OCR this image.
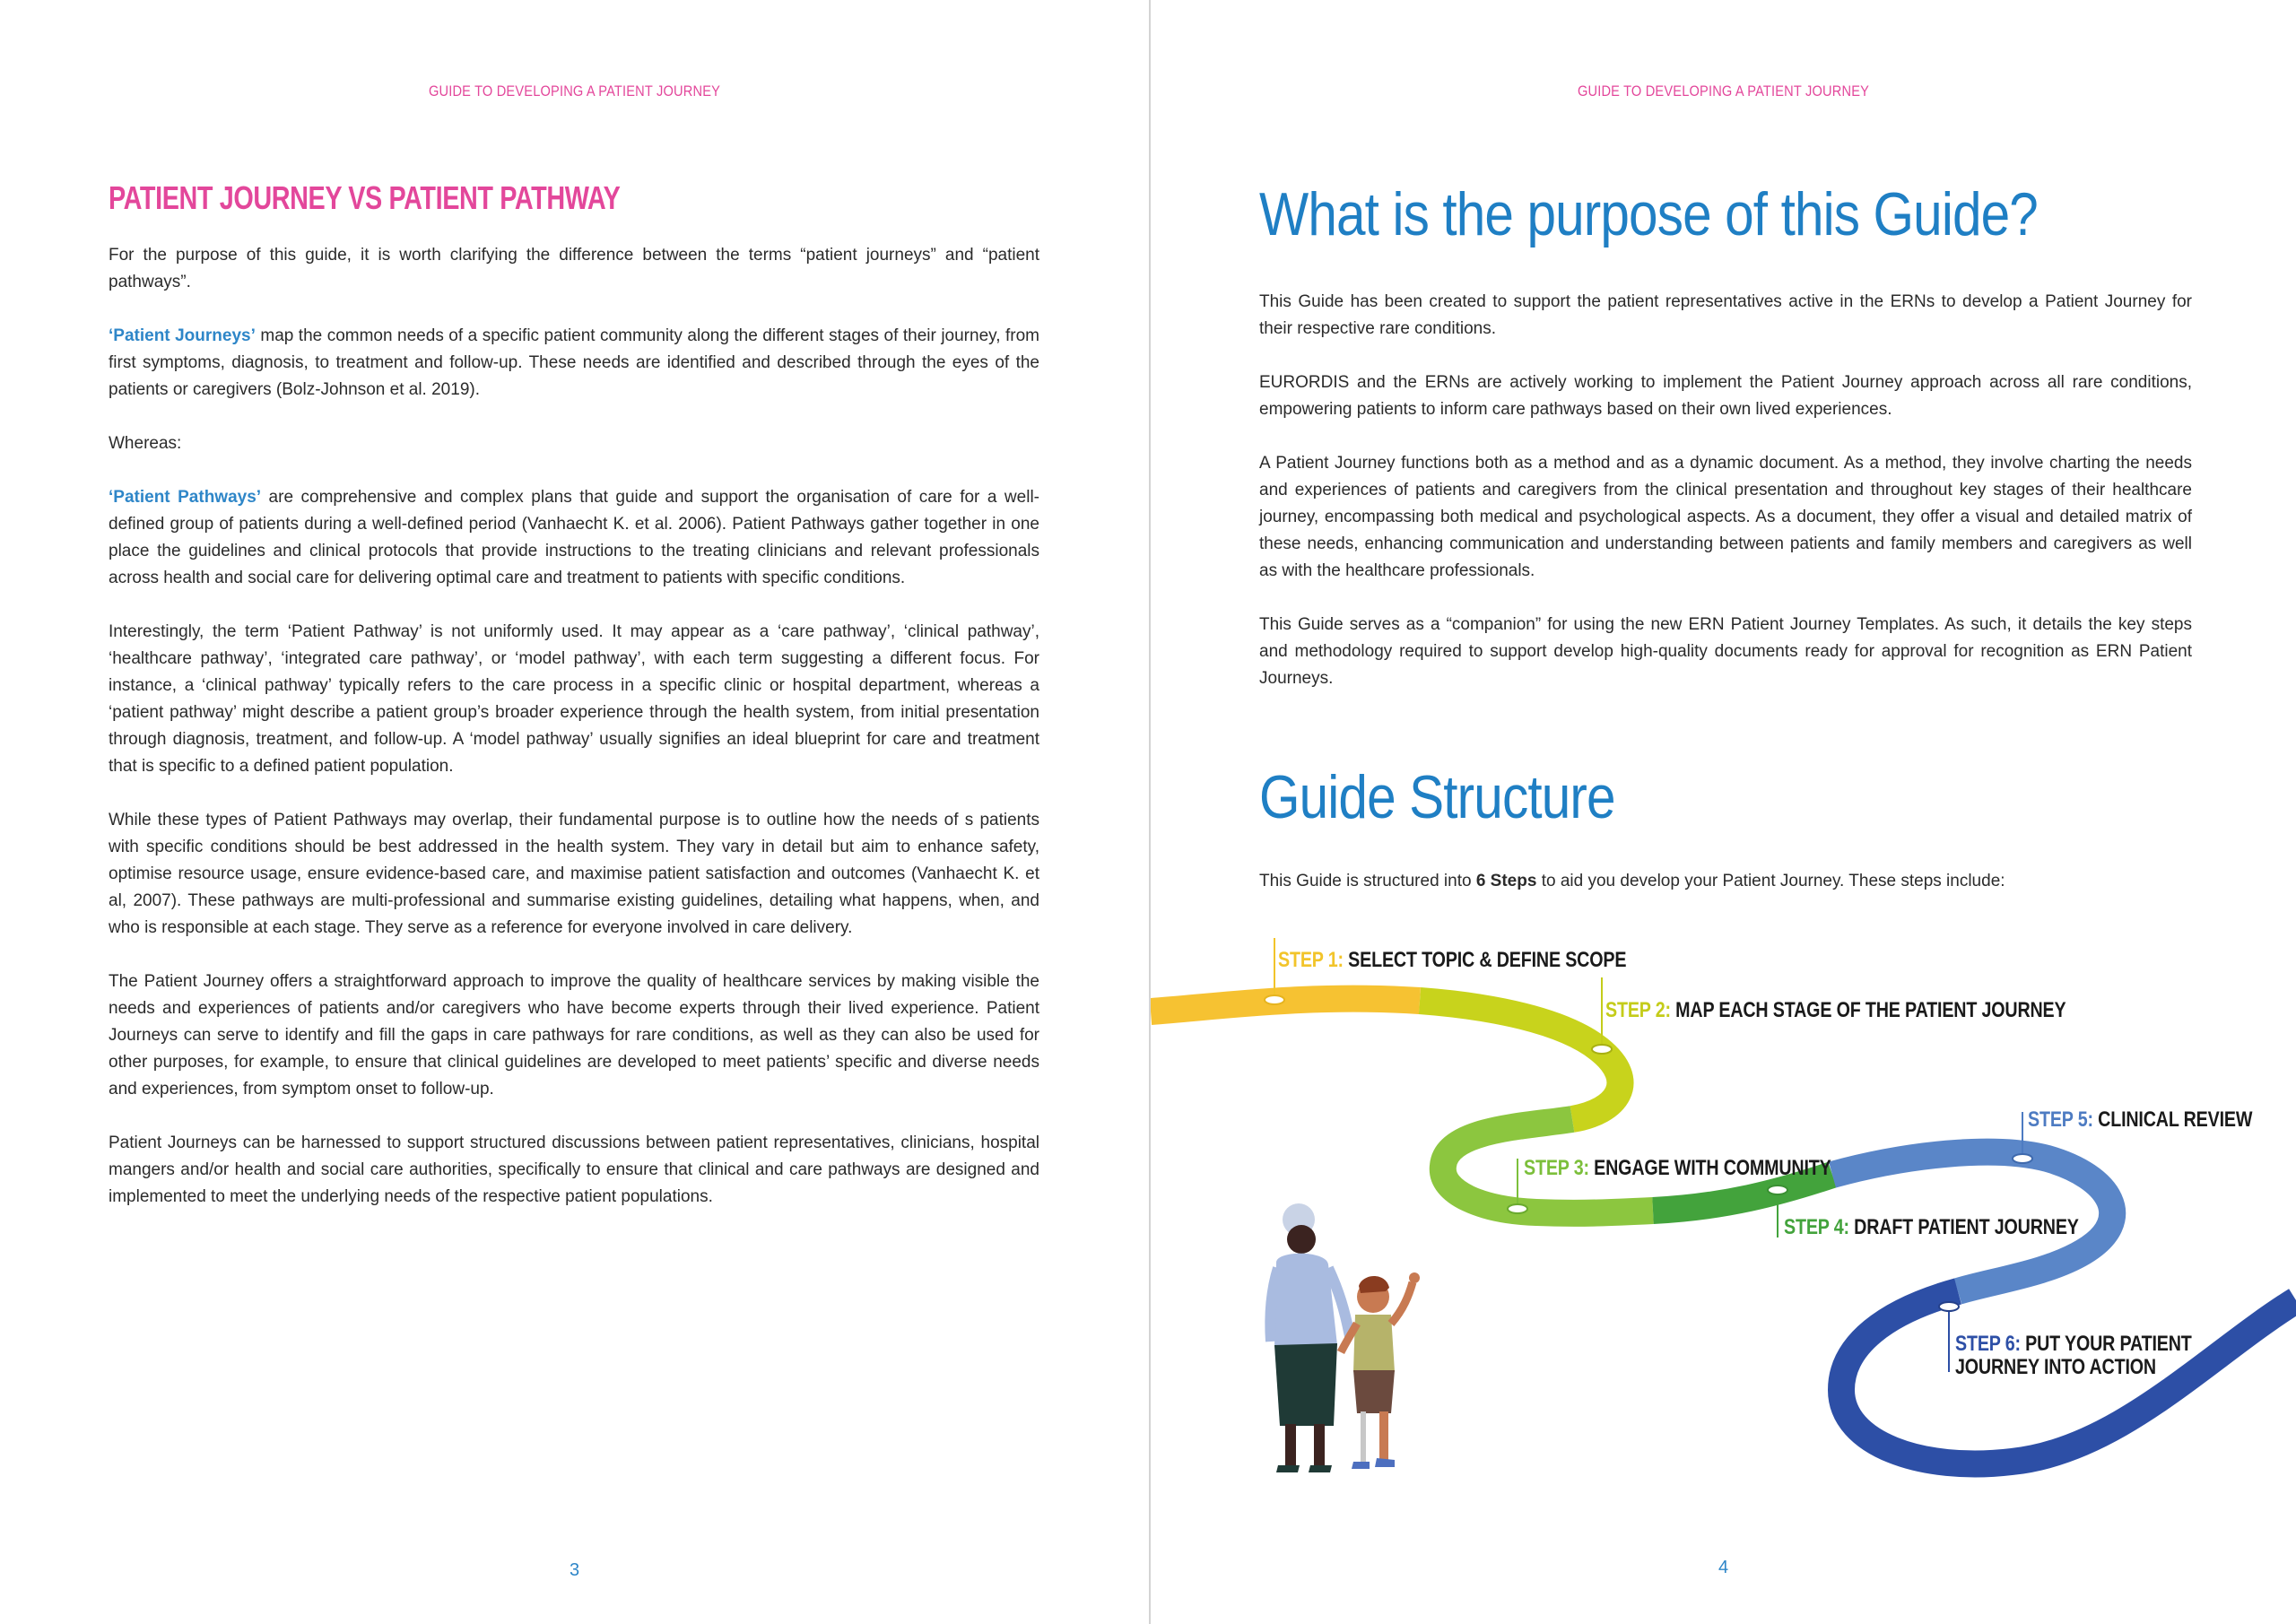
GUIDE TO DEVELOPING A PATIENT JOURNEY
PATIENT JOURNEY VS PATIENT PATHWAY

For the purpose of this guide, it is worth clarifying the difference between the terms “patient journeys” and “patient pathways”.

‘Patient Journeys’ map the common needs of a specific patient community along the different stages of their journey, from first symptoms, diagnosis, to treatment and follow-up. These needs are identified and described through the eyes of the patients or caregivers (Bolz-Johnson et al. 2019).

Whereas:

‘Patient Pathways’ are comprehensive and complex plans that guide and support the organisation of care for a well-defined group of patients during a well-defined period (Vanhaecht K. et al. 2006). Patient Pathways gather together in one place the guidelines and clinical protocols that provide instructions to the treating clinicians and relevant professionals across health and social care for delivering optimal care and treatment to patients with specific conditions.

Interestingly, the term ‘Patient Pathway’ is not uniformly used. It may appear as a ‘care pathway’, ‘clinical pathway’, ‘healthcare pathway’, ‘integrated care pathway’, or ‘model pathway’, with each term suggesting a different focus. For instance, a ‘clinical pathway’ typically refers to the care process in a specific clinic or hospital department, whereas a ‘patient pathway’ might describe a patient group’s broader experience through the health system, from initial presentation through diagnosis, treatment, and follow-up. A ‘model pathway’ usually signifies an ideal blueprint for care and treatment that is specific to a defined patient population.

While these types of Patient Pathways may overlap, their fundamental purpose is to outline how the needs of s patients with specific conditions should be best addressed in the health system. They vary in detail but aim to enhance safety, optimise resource usage, ensure evidence-based care, and maximise patient satisfaction and outcomes (Vanhaecht K. et al, 2007). These pathways are multi-professional and summarise existing guidelines, detailing what happens, when, and who is responsible at each stage. They serve as a reference for everyone involved in care delivery.

The Patient Journey offers a straightforward approach to improve the quality of healthcare services by making visible the needs and experiences of patients and/or caregivers who have become experts through their lived experience. Patient Journeys can serve to identify and fill the gaps in care pathways for rare conditions, as well as they can also be used for other purposes, for example, to ensure that clinical guidelines are developed to meet patients’ specific and diverse needs and experiences, from symptom onset to follow-up.

Patient Journeys can be harnessed to support structured discussions between patient representatives, clinicians, hospital mangers and/or health and social care authorities, specifically to ensure that clinical and care pathways are designed and implemented to meet the underlying needs of the respective patient populations.

3
GUIDE TO DEVELOPING A PATIENT JOURNEY
What is the purpose of this Guide?

This Guide has been created to support the patient representatives active in the ERNs to develop a Patient Journey for their respective rare conditions.

EURORDIS and the ERNs are actively working to implement the Patient Journey approach across all rare conditions, empowering patients to inform care pathways based on their own lived experiences.

A Patient Journey functions both as a method and as a dynamic document. As a method, they involve charting the needs and experiences of patients and caregivers from the clinical presentation and throughout key stages of their healthcare journey, encompassing both medical and psychological aspects. As a document, they offer a visual and detailed matrix of these needs, enhancing communication and understanding between patients and family members and caregivers as well as with the healthcare professionals.

This Guide serves as a “companion” for using the new ERN Patient Journey Templates. As such, it details the key steps and methodology required to support develop high-quality documents ready for approval for recognition as ERN Patient Journeys.

Guide Structure
This Guide is structured into 6 Steps to aid you develop your Patient Journey. These steps include:
STEP 1: SELECT TOPIC & DEFINE SCOPE
STEP 2: MAP EACH STAGE OF THE PATIENT JOURNEY
STEP 3: ENGAGE WITH COMMUNITY
STEP 4: DRAFT PATIENT JOURNEY
STEP 5: CLINICAL REVIEW
STEP 6: PUT YOUR PATIENT
JOURNEY INTO ACTION
4
